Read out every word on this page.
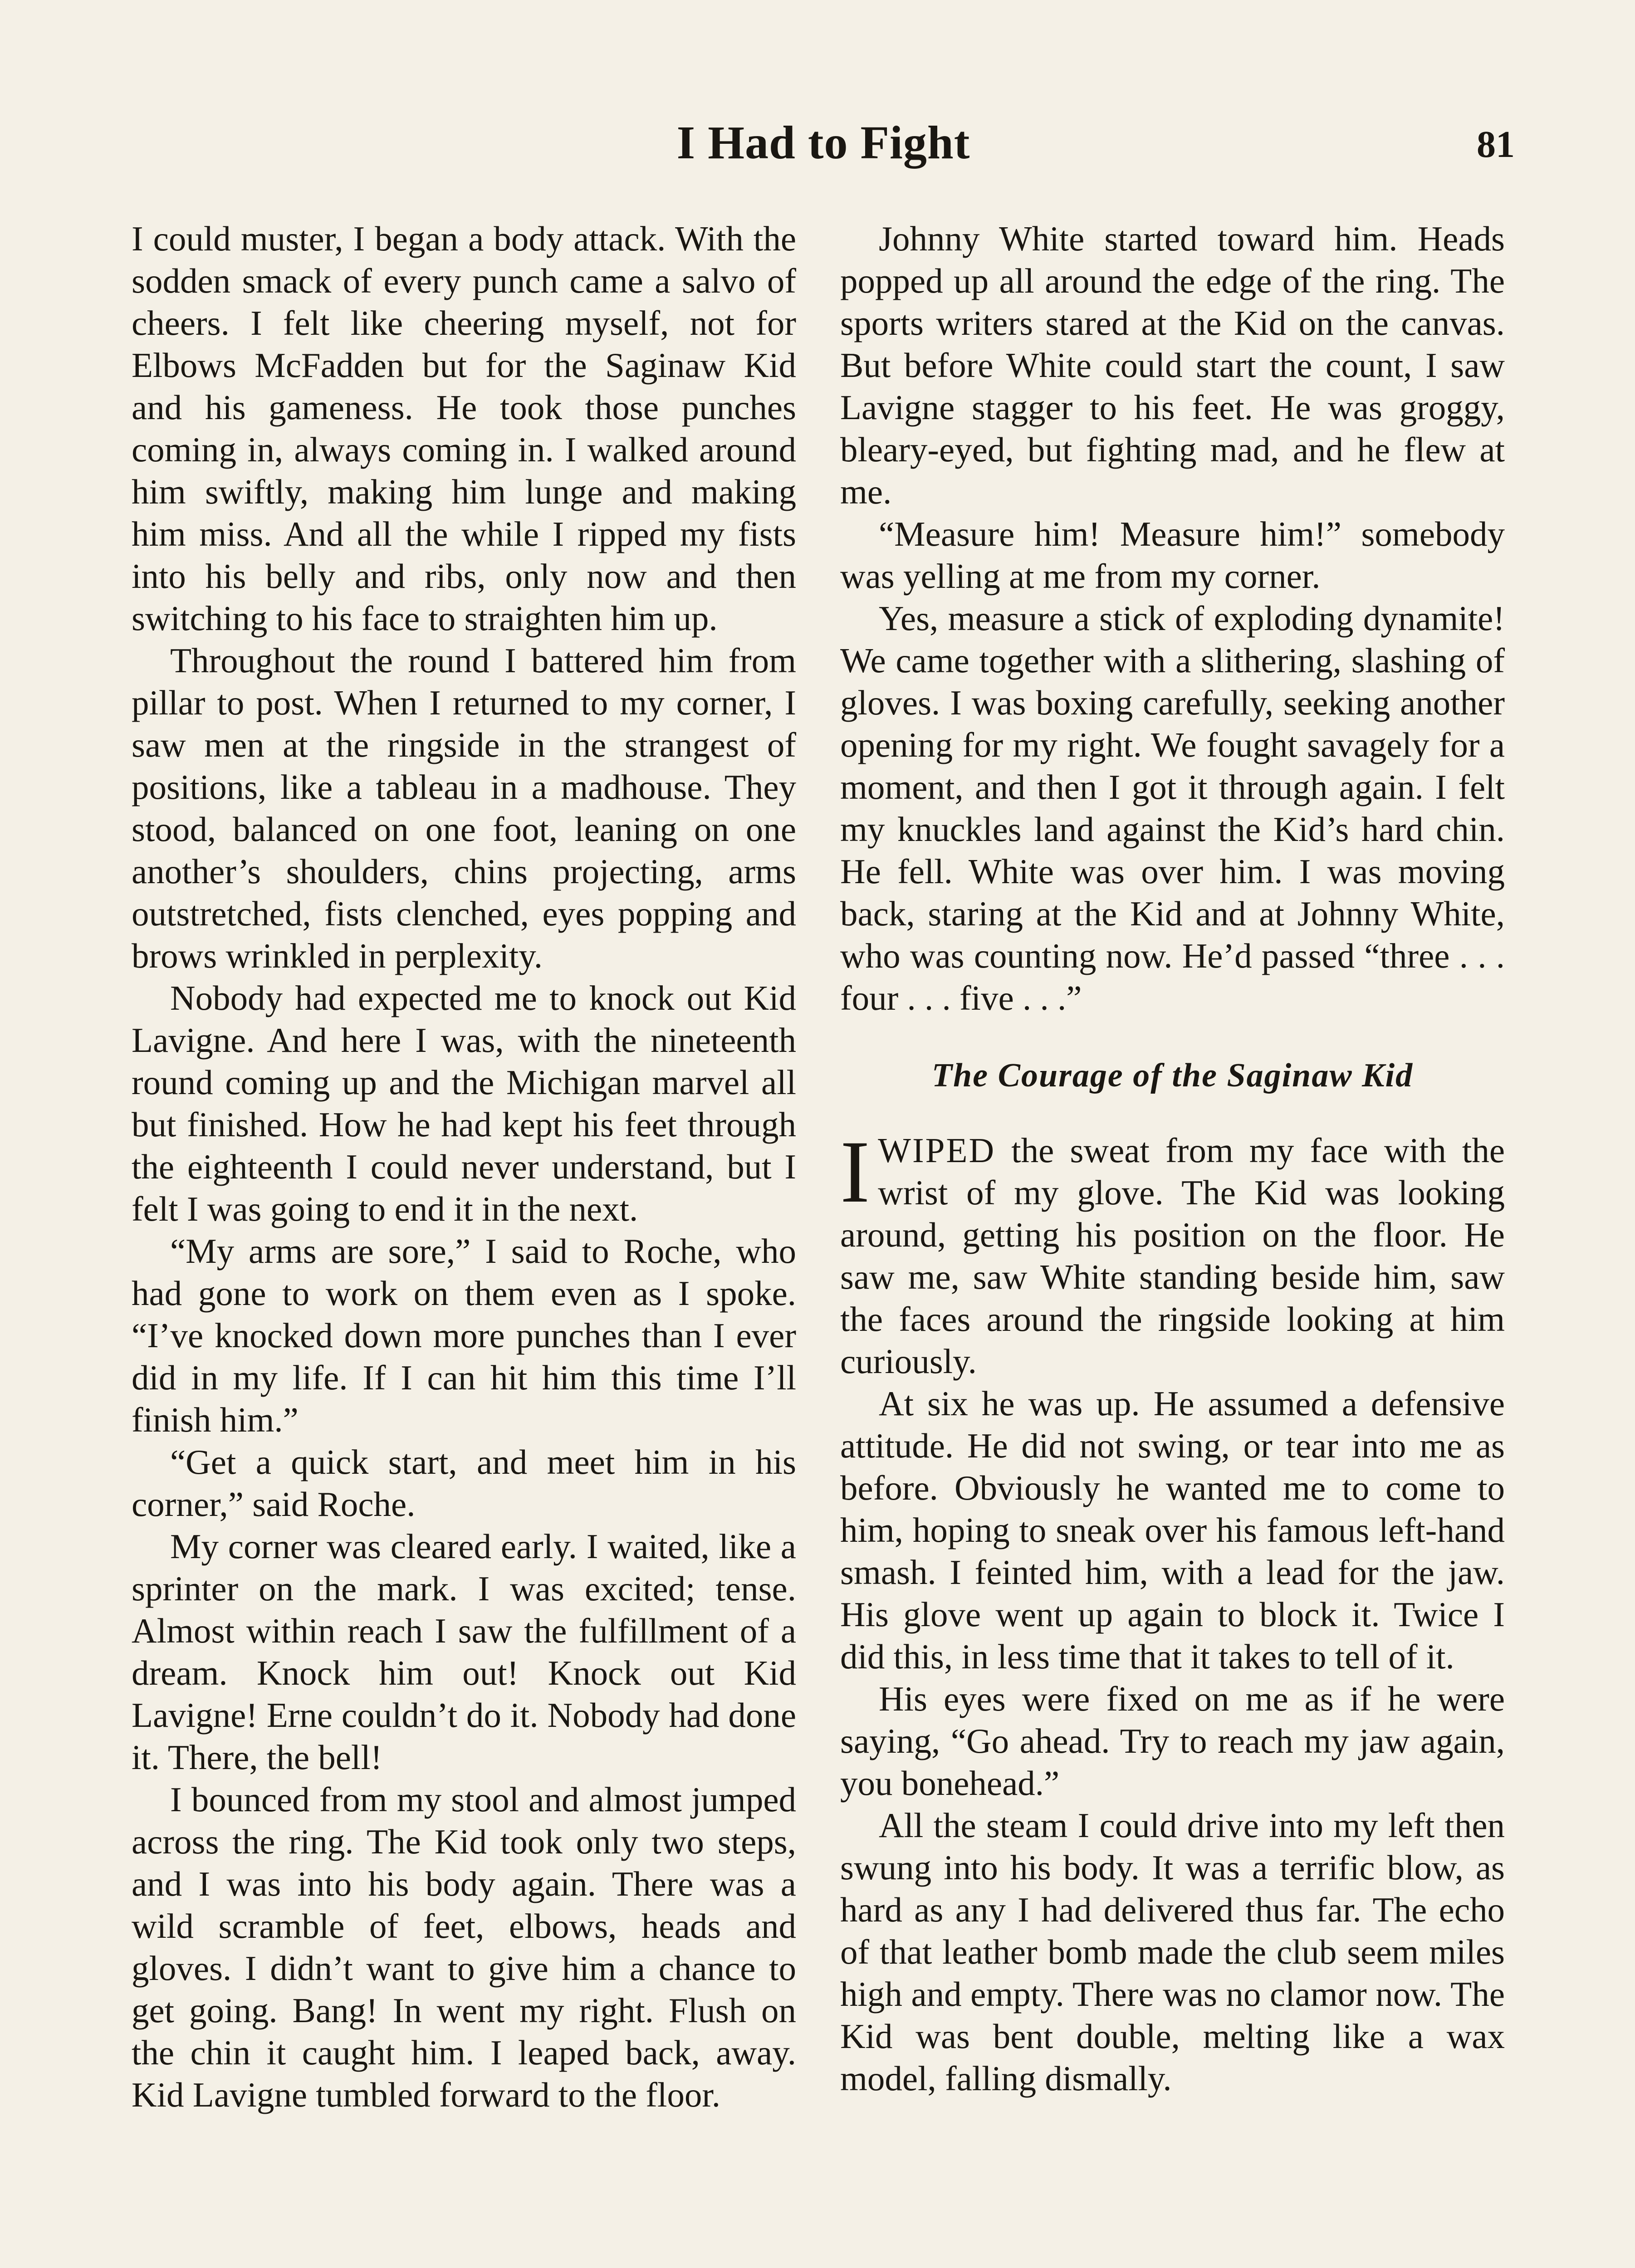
I Had to Fight	81

I could muster, I began a body attack. With the sodden smack of every punch came a salvo of cheers. I felt like cheering myself, not for Elbows McFadden but for the Saginaw Kid and his gameness. He took those punches coming in, always coming in. I walked around him swiftly, making him lunge and making him miss. And all the while I ripped my fists into his belly and ribs, only now and then switching to his face to straighten him up.

Throughout the round I battered him from pillar to post. When I returned to my corner, I saw men at the ringside in the strangest of positions, like a tableau in a madhouse. They stood, balanced on one foot, leaning on one another’s shoulders, chins projecting, arms outstretched, fists clenched, eyes popping and brows wrinkled in perplexity.

Nobody had expected me to knock out Kid Lavigne. And here I was, with the nineteenth round coming up and the Michigan marvel all but finished. How he had kept his feet through the eighteenth I could never understand, but I felt I was going to end it in the next.

“My arms are sore,” I said to Roche, who had gone to work on them even as I spoke. “I’ve knocked down more punches than I ever did in my life. If I can hit him this time I’ll finish him.”

“Get a quick start, and meet him in his corner,” said Roche.

My corner was cleared early. I waited, like a sprinter on the mark. I was excited; tense. Almost within reach I saw the fulfillment of a dream. Knock him out! Knock out Kid Lavigne! Erne couldn’t do it. Nobody had done it. There, the bell!

I bounced from my stool and almost jumped across the ring. The Kid took only two steps, and I was into his body again. There was a wild scramble of feet, elbows, heads and gloves. I didn’t want to give him a chance to get going. Bang! In went my right. Flush on the chin it caught him. I leaped back, away. Kid Lavigne tumbled forward to the floor.

Johnny White started toward him. Heads popped up all around the edge of the ring. The sports writers stared at the Kid on the canvas. But before White could start the count, I saw Lavigne stagger to his feet. He was groggy, bleary-eyed, but fighting mad, and he flew at me.

“Measure him! Measure him!” somebody was yelling at me from my corner.

Yes, measure a stick of exploding dynamite! We came together with a slithering, slashing of gloves. I was boxing carefully, seeking another opening for my right. We fought savagely for a moment, and then I got it through again. I felt my knuckles land against the Kid’s hard chin. He fell. White was over him. I was moving back, staring at the Kid and at Johnny White, who was counting now. He’d passed “three . . . four . . . five . . .”

The Courage of the Saginaw Kid

IWIPED the sweat from my face with the wrist of my glove. The Kid was looking around, getting his position on the floor. He saw me, saw White standing beside him, saw the faces around the ringside looking at him curiously.

At six he was up. He assumed a defensive attitude. He did not swing, or tear into me as before. Obviously he wanted me to come to him, hoping to sneak over his famous left-hand smash. I feinted him, with a lead for the jaw. His glove went up again to block it. Twice I did this, in less time that it takes to tell of it.

His eyes were fixed on me as if he were saying, “Go ahead. Try to reach my jaw again, you bonehead.”

All the steam I could drive into my left then swung into his body. It was a terrific blow, as hard as any I had delivered thus far. The echo of that leather bomb made the club seem miles high and empty. There was no clamor now. The Kid was bent double, melting like a wax model, falling dismally.
